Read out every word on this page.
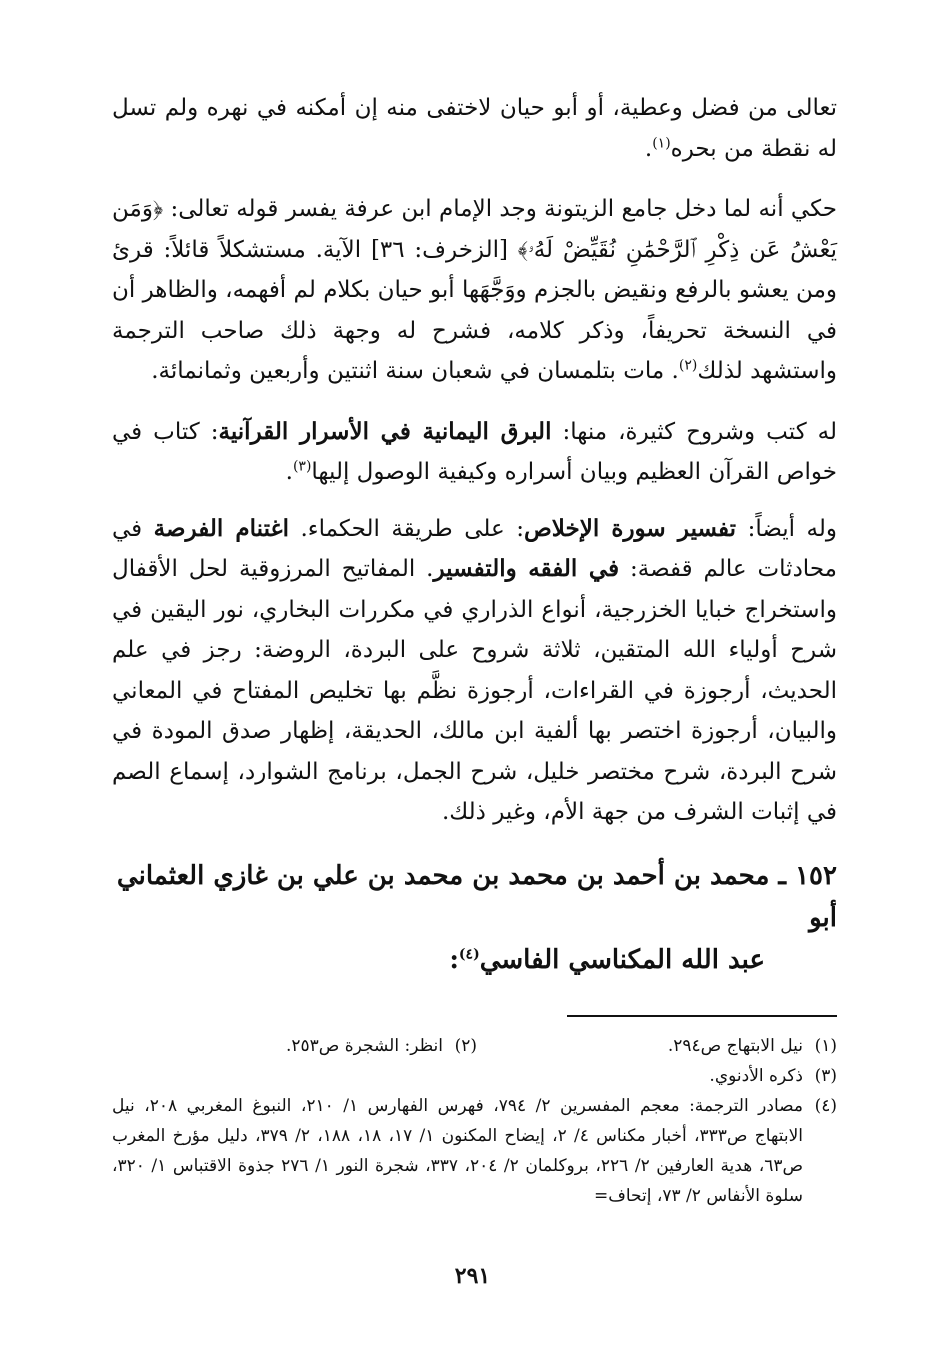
تعالى من فضل وعطية، أو أبو حيان لاختفى منه إن أمكنه في نهره ولم تسل له نقطة من بحره$^{(١)}$.

حكي أنه لما دخل جامع الزيتونة وجد الإمام ابن عرفة يفسر قوله تعالى: ﴿وَمَن يَعْشُ عَن ذِكْرِ ٱلرَّحْمَٰنِ نُقَيِّضْ لَهُۥ﴾ [الزخرف: ٣٦] الآية. مستشكلاً قائلاً: قرئ ومن يعشو بالرفع ونقيض بالجزم ووَجَّهَها أبو حيان بكلام لم أفهمه، والظاهر أن في النسخة تحريفاً، وذكر كلامه، فشرح له وجهة ذلك صاحب الترجمة واستشهد لذلك$^{(٢)}$. مات بتلمسان في شعبان سنة اثنتين وأربعين وثمانمائة.

له كتب وشروح كثيرة، منها: البرق اليمانية في الأسرار القرآنية: كتاب في خواص القرآن العظيم وبيان أسراره وكيفية الوصول إليها$^{(٣)}$.

وله أيضاً: تفسير سورة الإخلاص: على طريقة الحكماء. اغتنام الفرصة في محادثات عالم قفصة: في الفقه والتفسير. المفاتيح المرزوقية لحل الأقفال واستخراج خبايا الخزرجية، أنواع الذراري في مكررات البخاري، نور اليقين في شرح أولياء الله المتقين، ثلاثة شروح على البردة، الروضة: رجز في علم الحديث، أرجوزة في القراءات، أرجوزة نظَّم بها تخليص المفتاح في المعاني والبيان، أرجوزة اختصر بها ألفية ابن مالك، الحديقة، إظهار صدق المودة في شرح البردة، شرح مختصر خليل، شرح الجمل، برنامج الشوارد، إسماع الصم في إثبات الشرف من جهة الأم، وغير ذلك.

١٥٢ ـ محمد بن أحمد بن محمد بن محمد بن علي بن غازي العثماني أبو
عبد الله المكناسي الفاسي$^{(٤)}$:

(١)نيل الابتهاج ص٢٩٤.
(٢)انظر: الشجرة ص٢٥٣.
(٣)ذكره الأدنوي.
(٤)
مصادر الترجمة: معجم المفسرين ٢/ ٧٩٤، فهرس الفهارس ١/ ٢١٠، النبوغ المغربي ٢٠٨، نيل الابتهاج ص٣٣٣، أخبار مكناس ٤/ ٢، إيضاح المكنون ١/ ١٧، ١٨، ١٨٨، ٢/ ٣٧٩، دليل مؤرخ المغرب ص٦٣، هدية العارفين ٢/ ٢٢٦، بروكلمان ٢/ ٢٠٤، ٣٣٧، شجرة النور ١/ ٢٧٦ جذوة الاقتباس ١/ ٣٢٠، سلوة الأنفاس ٢/ ٧٣، إتحاف=
٢٩١
